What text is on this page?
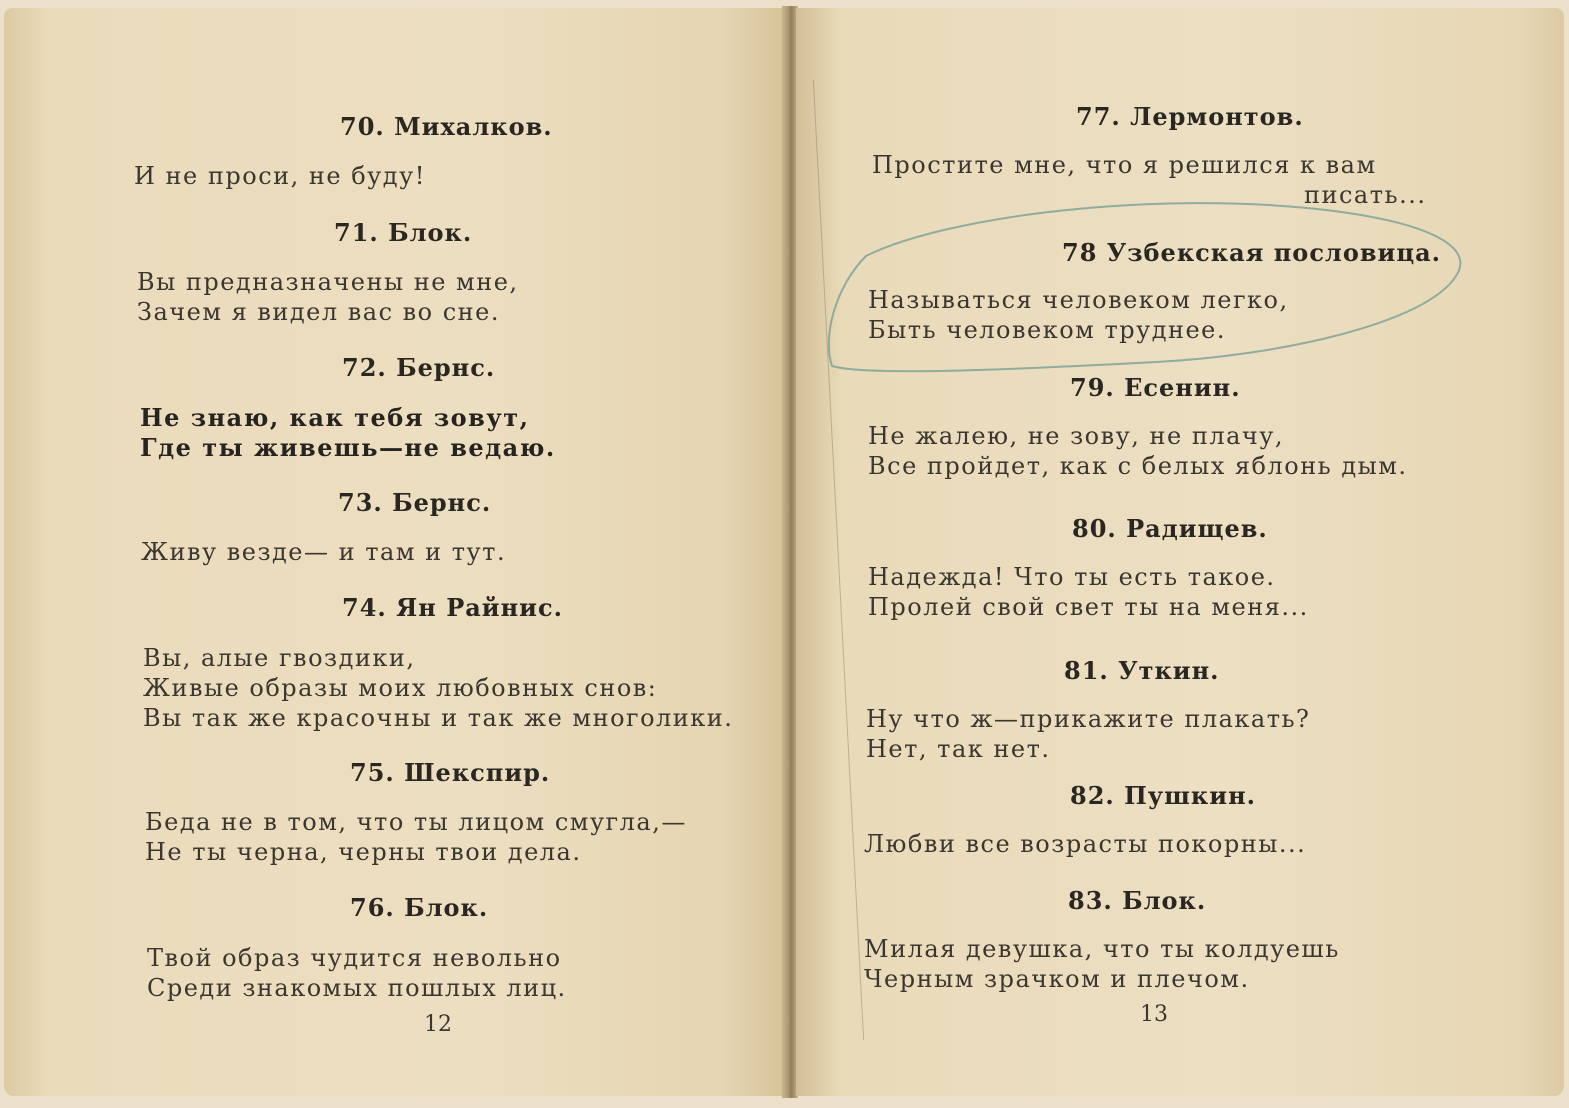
70. Михалков.
И не проси, не буду!
71. Блок.
Вы предназначены не мне,
Зачем я видел вас во сне.
72. Бернс.
Не знаю, как тебя зовут,
Где ты живешь—не ведаю.
73. Бернс.
Живу везде— и там и тут.
74. Ян Райнис.
Вы, алые гвоздики,
Живые образы моих любовных снов:
Вы так же красочны и так же многолики.
75. Шекспир.
Беда не в том, что ты лицом смугла,—
Не ты черна, черны твои дела.
76. Блок.
Твой образ чудится невольно
Среди знакомых пошлых лиц.
12
77. Лермонтов.
Простите мне, что я решился к вам
писать...
78 Узбекская пословица.
Называться человеком легко,
Быть человеком труднее.
79. Есенин.
Не жалею, не зову, не плачу,
Все пройдет, как с белых яблонь дым.
80. Радищев.
Надежда! Что ты есть такое.
Пролей свой свет ты на меня...
81. Уткин.
Ну что ж—прикажите плакать?
Нет, так нет.
82. Пушкин.
Любви все возрасты покорны...
83. Блок.
Милая девушка, что ты колдуешь
Черным зрачком и плечом.
13
